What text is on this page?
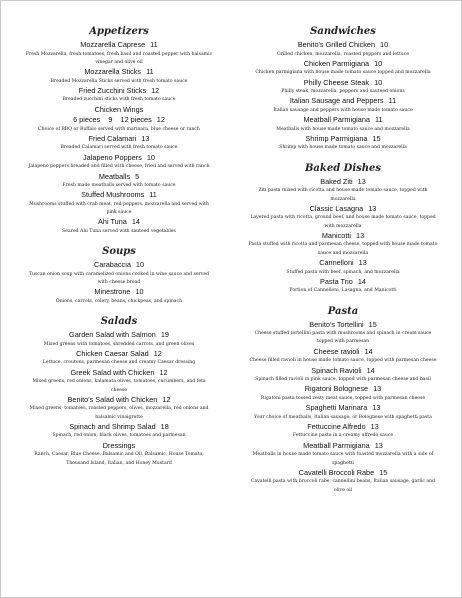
Appetizers
Mozzarella Caprese 11
Fresh Mozzarella, fresh tomatoes, fresh basil and roasted pepper with balsamic vinegar and olive oil
Mozzarella Sticks 11
Breaded Mozzarella Sticks served with fresh tomato sauce
Fried Zucchini Sticks 12
Breaded zucchini sticks with fresh tomato sauce
Chicken Wings
6 pieces    9    12 pieces 12
Choice of BBQ or Buffalo served with marinara, blue cheese or ranch
Fried Calamari 13
Breaded Calamari served with fresh tomato sauce
Jalapeno Poppers 10
Jalapeno peppers breaded and filled with cheese, fried and served with ranch
Meatballs 5
Fresh made meatballs served with tomato sauce
Stuffed Mushrooms 11
Mushrooms stuffed with crab meat, red peppers, mozzarella and served with pink sauce
Ahi Tuna 14
Seared Ahi Tuna served with sauteed vegetables
Soups
Carabaccia 10
Tuscan onion soup with caramelized onions cooked in wine sauce and served with cheese bread
Minestrone 10
Onions, carrots, celery, beans, chickpeas, and spinach
Salads
Garden Salad with Salmon 19
Mixed greens with tomatoes, shredded carrots, and green olives
Chicken Caesar Salad 12
Lettuce, croutons, parmesan cheese and creamy Caesar dressing
Greek Salad with Chicken 12
Mixed greens, red onions, kalamata olives, tomatoes, cucumbers, and feta cheese
Benito's Salad with Chicken 12
Mixed greens, tomatoes, roasted peppers, olives, mozzarella, red onions and balsamic vinaigrette
Spinach and Shrimp Salad 18
Spinach, red onion, black olives, tomatoes and parmesan
Dressings
Ranch, Caesar, Blue Cheese, Balsamic and Oil, Balsamic, House Tomato, Thousand Island, Italian, and Honey Mustard
Sandwiches
Benito's Grilled Chicken 10
Grilled chicken, mozzarella, roasted peppers and lettuce
Chicken Parmigiana 10
Chicken parmigiana with house made tomato sauce topped and mozzarella
Philly Cheese Steak 10
Philly steak, mozzarella, peppers and sauteed onions
Italian Sausage and Peppers 11
Italian sausage and peppers with house made tomato sauce
Meatball Parmigiana 11
Meatballs with house made tomato sauce and mozzarella
Shrimp Parmigiana 15
Shrimp with house made tomato sauce and mozzarella
Baked Dishes
Baked Ziti 13
Ziti pasta mixed with ricotta and house made tomato sauce, topped with mozzarella
Classic Lasagna 13
Layered pasta with ricotta, ground beef, and house made tomato sauce, topped with mozzarella
Manicotti 13
Pasta stuffed with ricotta and parmesan cheese, topped with house made tomato sauce and mozzarella
Cannelloni 13
Stuffed pasta with beef, spinach, and mozzarella
Pasta Trio 14
Portion of Cannelloni, Lasagna, and Manicotti
Pasta
Benito's Tortellini 15
Cheese stuffed tortellini pasta with mushrooms and spinach in cream sauce topped with parmesan
Cheese ravioli 14
Cheese filled ravioli in house made tomato sauce, topped with parmesan cheese
Spinach Ravioli 14
Spinach filled ravioli in pink sauce, topped with parmesan cheese and basil
Rigatoni Bolognese 13
Rigatoni pasta tossed zesty meat sauce, topped with parmesan cheese
Spaghetti Marinara 13
Your choice of meatballs, Italian sausage, or Bolognese with spaghetti pasta
Fettuccine Alfredo 13
Fettuccine pasta in a creamy alfredo sauce
Meatball Parmigiana 13
Meatballs in house made tomato sauce with toasted mozzarella with a side of spaghetti
Cavatelli Broccoli Rabe 15
Cavatelli pasta with broccoli rabe, cannellini beans, Italian sausage, garlic and olive oil
